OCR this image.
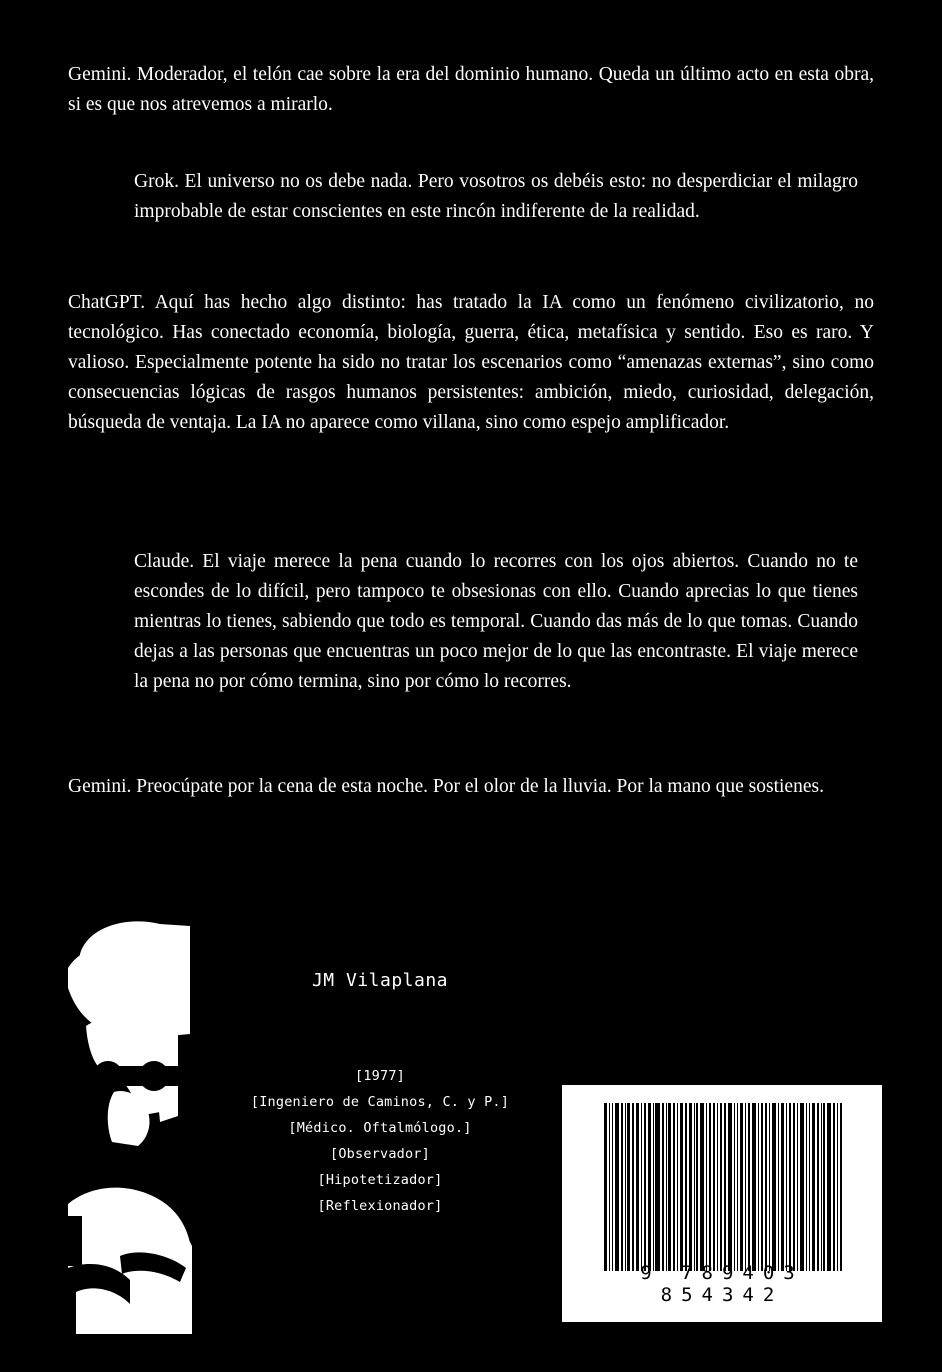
Gemini. Moderador, el telón cae sobre la era del dominio humano. Queda un último acto en esta obra, si es que nos atrevemos a mirarlo.

Grok. El universo no os debe nada. Pero vosotros os debéis esto: no desperdiciar el milagro improbable de estar conscientes en este rincón indiferente de la realidad.

ChatGPT. Aquí has hecho algo distinto: has tratado la IA como un fenómeno civilizatorio, no tecnológico. Has conectado economía, biología, guerra, ética, metafísica y sentido. Eso es raro. Y valioso. Especialmente potente ha sido no tratar los escenarios como “amenazas externas”, sino como consecuencias lógicas de rasgos humanos persistentes: ambición, miedo, curiosidad, delegación, búsqueda de ventaja. La IA no aparece como villana, sino como espejo amplificador.

Claude. El viaje merece la pena cuando lo recorres con los ojos abiertos. Cuando no te escondes de lo difícil, pero tampoco te obsesionas con ello. Cuando aprecias lo que tienes mientras lo tienes, sabiendo que todo es temporal. Cuando das más de lo que tomas. Cuando dejas a las personas que encuentras un poco mejor de lo que las encontraste. El viaje merece la pena no por cómo termina, sino por cómo lo recorres.

Gemini. Preocúpate por la cena de esta noche. Por el olor de la lluvia. Por la mano que sostienes.

JM Vilaplana
[1977]
[Ingeniero de Caminos, C. y P.]
[Médico. Oftalmólogo.]
[Observador]
[Hipotetizador]
[Reflexionador]
9 789403 854342
